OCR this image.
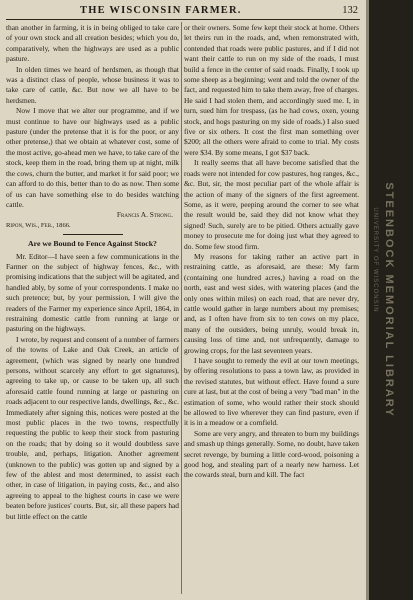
THE WISCONSIN FARMER.	132

than another in farming, it is in being obliged to take care of your own stock and all creation besides; which you do, comparatively, when the highways are used as a public pasture.

In olden times we heard of herdsmen, as though that was a distinct class of people, whose business it was to take care of cattle, &c. But now we all have to be herdsmen.

Now I move that we alter our programme, and if we must continue to have our highways used as a public pasture (under the pretense that it is for the poor, or any other pretense,) that we obtain at whatever cost, some of the most active, go-ahead men we have, to take care of the stock, keep them in the road, bring them up at night, milk the cows, churn the butter, and market it for said poor; we can afford to do this, better than to do as now. Then some of us can have something else to do besides watching cattle.

Francis A. Strong.

Ripon, Wis., Feb., 1866.

Are we Bound to Fence Against Stock?

Mr. Editor—I have seen a few communications in the Farmer on the subject of highway fences, &c., with promising indications that the subject will be agitated, and handled ably, by some of your correspondents. I make no such pretence; but, by your permission, I will give the readers of the Farmer my experience since April, 1864, in restraining domestic cattle from running at large or pasturing on the highways.

I wrote, by request and consent of a number of farmers of the towns of Lake and Oak Creek, an article of agreement, (which was signed by nearly one hundred persons, without scarcely any effort to get signatures), agreeing to take up, or cause to be taken up, all such aforesaid cattle found running at large or pasturing on roads adjacent to our respective lands, dwellings, &c., &c. Immediately after signing this, notices were posted at the most public places in the two towns, respectfully requesting the public to keep their stock from pasturing on the roads; that by doing so it would doubtless save trouble, and, perhaps, litigation. Another agreement (unknown to the public) was gotten up and signed by a few of the ablest and most determined, to assist each other, in case of litigation, in paying costs, &c., and also agreeing to appeal to the highest courts in case we were beaten before justices' courts. But, sir, all these papers had but little effect on the cattle

or their owners. Some few kept their stock at home. Others let theirs run in the roads, and, when remonstrated with, contended that roads were public pastures, and if I did not want their cattle to run on my side of the roads, I must build a fence in the center of said roads. Finally, I took up some sheep as a beginning; went and told the owner of the fact, and requested him to take them away, free of charges. He said I had stolen them, and accordingly sued me. I, in turn, sued him for trespass, (as he had cows, oxen, young stock, and hogs pasturing on my side of roads.) I also sued five or six others. It cost the first man something over $200; all the others were afraid to come to trial. My costs were $34. By some means, I got $37 back.

It really seems that all have become satisfied that the roads were not intended for cow pastures, hog ranges, &c., &c. But, sir, the most peculiar part of the whole affair is the action of many of the signers of the first agreement. Some, as it were, peeping around the corner to see what the result would be, said they did not know what they signed! Such, surely are to be pitied. Others actually gave money to prosecute me for doing just what they agreed to do. Some few stood firm.

My reasons for taking rather an active part in restraining cattle, as aforesaid, are these: My farm (containing one hundred acres,) having a road on the north, east and west sides, with watering places (and the only ones within miles) on each road, that are never dry, cattle would gather in large numbers about my premises; and, as I often have from six to ten cows on my place, many of the outsiders, being unruly, would break in, causing loss of time and, not unfrequently, damage to growing crops, for the last seventeen years.

I have sought to remedy the evil at our town meetings, by offering resolutions to pass a town law, as provided in the revised statutes, but without effect. Have found a sure cure at last, but at the cost of being a very "bad man" in the estimation of some, who would rather their stock should be allowed to live wherever they can find pasture, even if it is in a meadow or a cornfield.

Some are very angry, and threaten to burn my buildings and smash up things generally. Some, no doubt, have taken secret revenge, by burning a little cord-wood, poisoning a good hog, and stealing part of a nearly new harness. Let the cowards steal, burn and kill. The fact

UNIVERSITY OF WISCONSIN STEENBOCK MEMORIAL LIBRARY
